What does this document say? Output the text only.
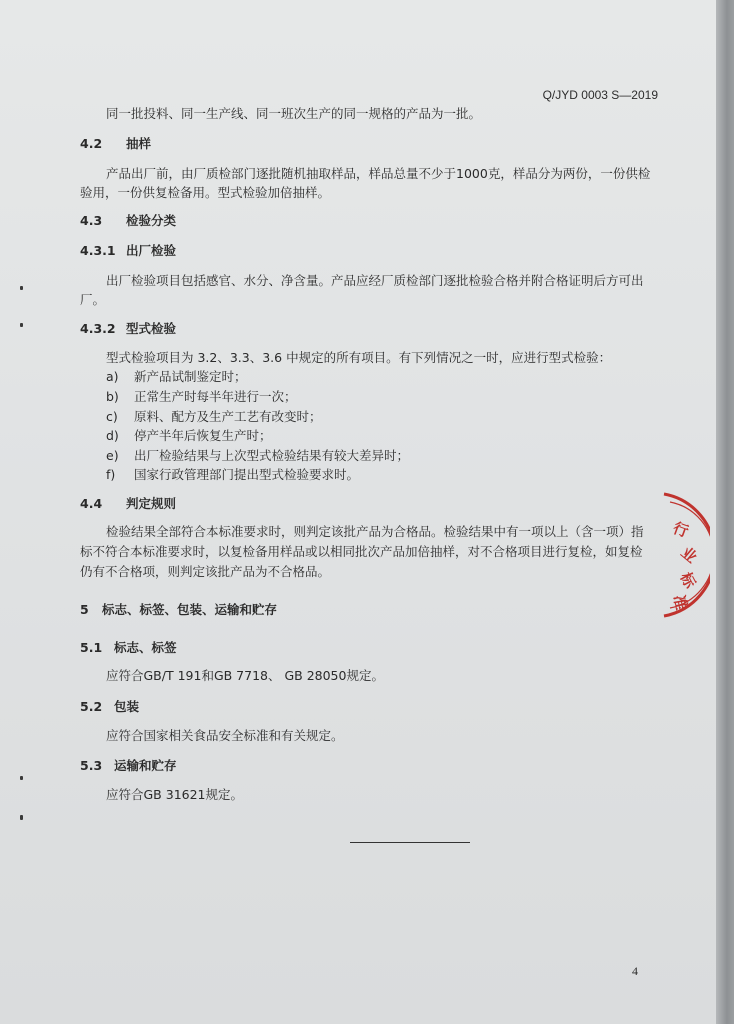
Q/JYD 0003 S—2019
同一批投料、同一生产线、同一班次生产的同一规格的产品为一批。
4.2 抽样
产品出厂前，由厂质检部门逐批随机抽取样品，样品总量不少于1000克，样品分为两份，一份供检
验用，一份供复检备用。型式检验加倍抽样。
4.3 检验分类
4.3.1 出厂检验
出厂检验项目包括感官、水分、净含量。产品应经厂质检部门逐批检验合格并附合格证明后方可出
厂。
4.3.2 型式检验
型式检验项目为 3.2、3.3、3.6 中规定的所有项目。有下列情况之一时，应进行型式检验：
a) 新产品试制鉴定时；
b) 正常生产时每半年进行一次；
c) 原料、配方及生产工艺有改变时；
d) 停产半年后恢复生产时；
e) 出厂检验结果与上次型式检验结果有较大差异时；
f) 国家行政管理部门提出型式检验要求时。
4.4 判定规则
检验结果全部符合本标准要求时，则判定该批产品为合格品。检验结果中有一项以上（含一项）指
标不符合本标准要求时，以复检备用样品或以相同批次产品加倍抽样，对不合格项目进行复检，如复检
仍有不合格项，则判定该批产品为不合格品。
5 标志、标签、包装、运输和贮存
5.1 标志、标签
应符合GB/T 191和GB 7718、 GB 28050规定。
5.2 包装
应符合国家相关食品安全标准和有关规定。
5.3 运输和贮存
应符合GB 31621规定。
4
行
业
标
准
